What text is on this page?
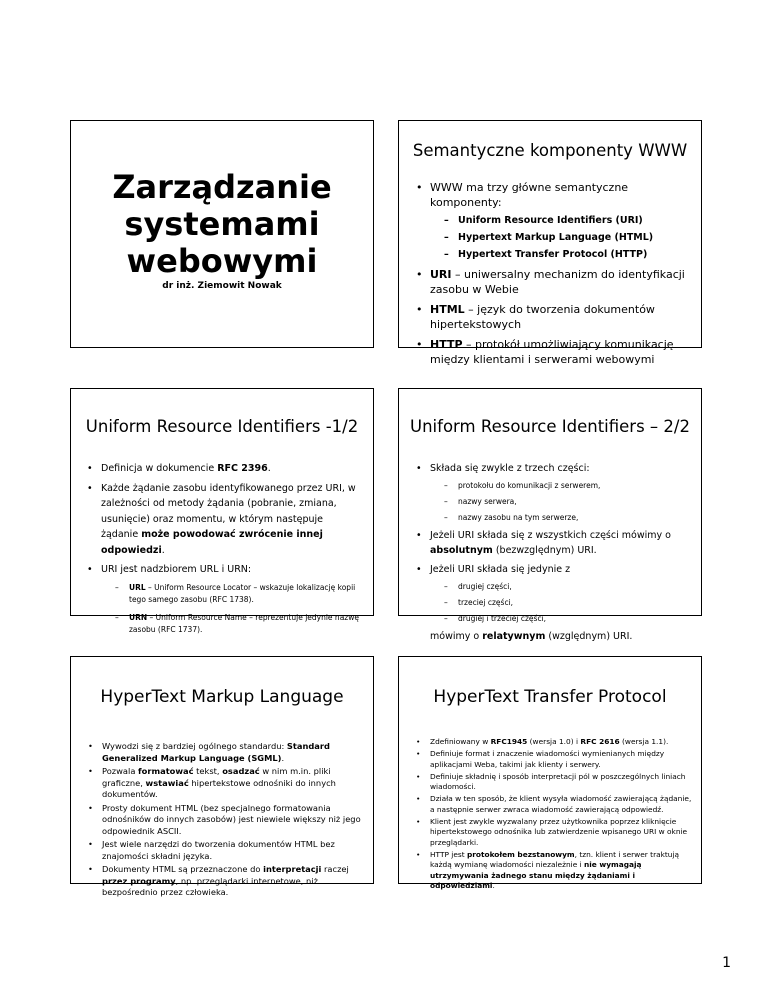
Zarządzanie systemami webowymi
dr inż. Ziemowit Nowak
Semantyczne komponenty WWW
• WWW ma trzy główne semantyczne komponenty:
– Uniform Resource Identifiers (URI)
– Hypertext Markup Language (HTML)
– Hypertext Transfer Protocol (HTTP)
• URI – uniwersalny mechanizm do identyfikacji zasobu w Webie
• HTML – język do tworzenia dokumentów hipertekstowych
• HTTP – protokół umożliwiający komunikację między klientami i serwerami webowymi
Uniform Resource Identifiers -1/2
• Definicja w dokumencie RFC 2396.
• Każde żądanie zasobu identyfikowanego przez URI, w zależności od metody żądania (pobranie, zmiana, usunięcie) oraz momentu, w którym następuje żądanie może powodować zwrócenie innej odpowiedzi.
• URI jest nadzbiorem URL i URN:
– URL – Uniform Resource Locator – wskazuje lokalizację kopii tego samego zasobu (RFC 1738).
– URN – Uniform Resource Name – reprezentuje jedynie nazwę zasobu (RFC 1737).
Uniform Resource Identifiers – 2/2
• Składa się zwykle z trzech części:
– protokołu do komunikacji z serwerem,
– nazwy serwera,
– nazwy zasobu na tym serwerze,
• Jeżeli URI składa się z wszystkich części mówimy o absolutnym (bezwzględnym) URI.
• Jeżeli URI składa się jedynie z
– drugiej części,
– trzeciej części,
– drugiej i trzeciej części,
mówimy o relatywnym (względnym) URI.
HyperText Markup Language
• Wywodzi się z bardziej ogólnego standardu: Standard Generalized Markup Language (SGML).
• Pozwala formatować tekst, osadzać w nim m.in. pliki graficzne, wstawiać hipertekstowe odnośniki do innych dokumentów.
• Prosty dokument HTML (bez specjalnego formatowania odnośników do innych zasobów) jest niewiele większy niż jego odpowiednik ASCII.
• Jest wiele narzędzi do tworzenia dokumentów HTML bez znajomości składni języka.
• Dokumenty HTML są przeznaczone do interpretacji raczej przez programy, np. przeglądarki internetowe, niż bezpośrednio przez człowieka.
HyperText Transfer Protocol
• Zdefiniowany w RFC1945 (wersja 1.0) i RFC 2616 (wersja 1.1).
• Definiuje format i znaczenie wiadomości wymienianych między aplikacjami Weba, takimi jak klienty i serwery.
• Definiuje składnię i sposób interpretacji pól w poszczególnych liniach wiadomości.
• Działa w ten sposób, że klient wysyła wiadomość zawierającą żądanie, a następnie serwer zwraca wiadomość zawierającą odpowiedź.
• Klient jest zwykle wyzwalany przez użytkownika poprzez kliknięcie hipertekstowego odnośnika lub zatwierdzenie wpisanego URI w oknie przeglądarki.
• HTTP jest protokołem bezstanowym, tzn. klient i serwer traktują każdą wymianę wiadomości niezależnie i nie wymagają utrzymywania żadnego stanu między żądaniami i odpowiedziami.
1
